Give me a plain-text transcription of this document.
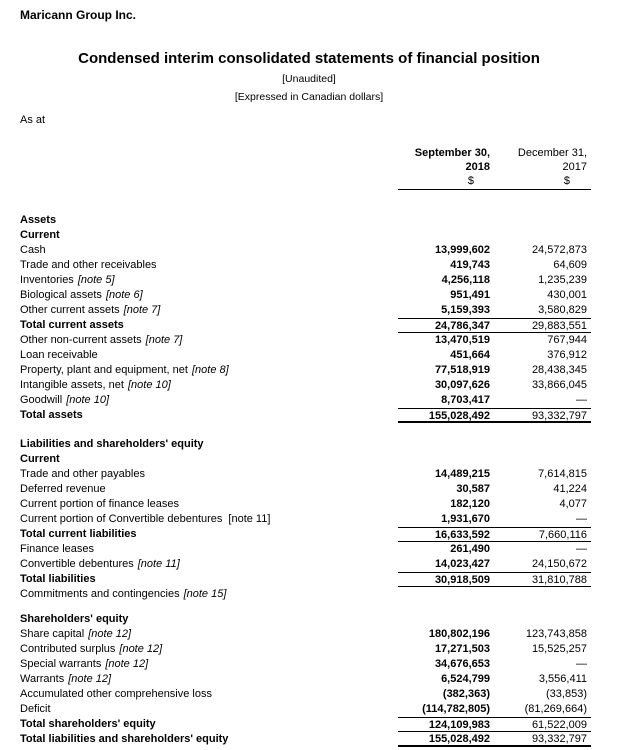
Maricann Group Inc.
Condensed interim consolidated statements of financial position
[Unaudited]
[Expressed in Canadian dollars]
As at
September 30,
2018
December 31,
2017
$	$
Assets
Current
Cash	13,999,602	24,572,873
Trade and other receivables	419,743	64,609
Inventories [note 5]	4,256,118	1,235,239
Biological assets [note 6]	951,491	430,001
Other current assets [note 7]	5,159,393	3,580,829
Total current assets	24,786,347	29,883,551
Other non-current assets [note 7]	13,470,519	767,944
Loan receivable	451,664	376,912
Property, plant and equipment, net [note 8]	77,518,919	28,438,345
Intangible assets, net [note 10]	30,097,626	33,866,045
Goodwill [note 10]	8,703,417	—
Total assets	155,028,492	93,332,797
Liabilities and shareholders' equity
Current
Trade and other payables	14,489,215	7,614,815
Deferred revenue	30,587	41,224
Current portion of finance leases	182,120	4,077
Current portion of Convertible debentures [note 11]	1,931,670	—
Total current liabilities	16,633,592	7,660,116
Finance leases	261,490	—
Convertible debentures [note 11]	14,023,427	24,150,672
Total liabilities	30,918,509	31,810,788
Commitments and contingencies [note 15]
Shareholders' equity
Share capital [note 12]	180,802,196	123,743,858
Contributed surplus [note 12]	17,271,503	15,525,257
Special warrants [note 12]	34,676,653	—
Warrants [note 12]	6,524,799	3,556,411
Accumulated other comprehensive loss	(382,363)	(33,853)
Deficit	(114,782,805)	(81,269,664)
Total shareholders' equity	124,109,983	61,522,009
Total liabilities and shareholders' equity	155,028,492	93,332,797
